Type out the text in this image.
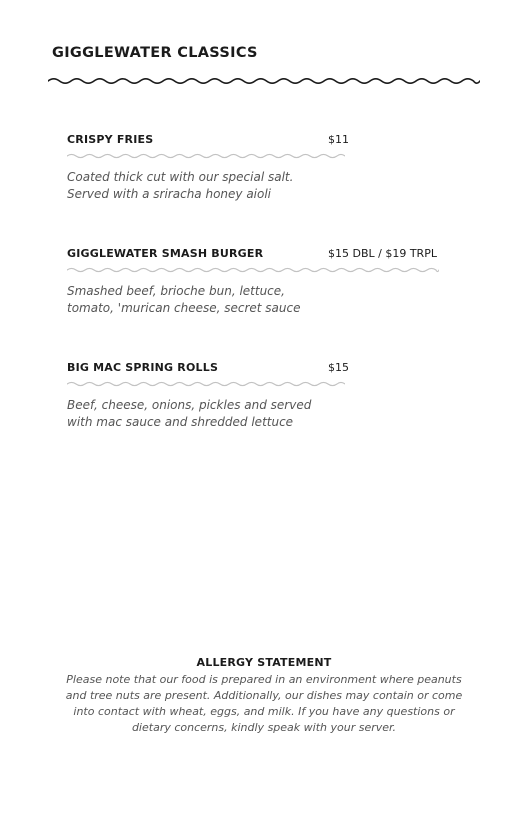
GIGGLEWATER CLASSICS
CRISPY FRIES	$11
Coated thick cut with our special salt.
Served with a sriracha honey aioli
GIGGLEWATER SMASH BURGER	$15 DBL / $19 TRPL
Smashed beef, brioche bun, lettuce,
tomato, 'murican cheese, secret sauce
BIG MAC SPRING ROLLS	$15
Beef, cheese, onions, pickles and served
with mac sauce and shredded lettuce
ALLERGY STATEMENT
Please note that our food is prepared in an environment where peanuts
and tree nuts are present. Additionally, our dishes may contain or come
into contact with wheat, eggs, and milk. If you have any questions or
dietary concerns, kindly speak with your server.
